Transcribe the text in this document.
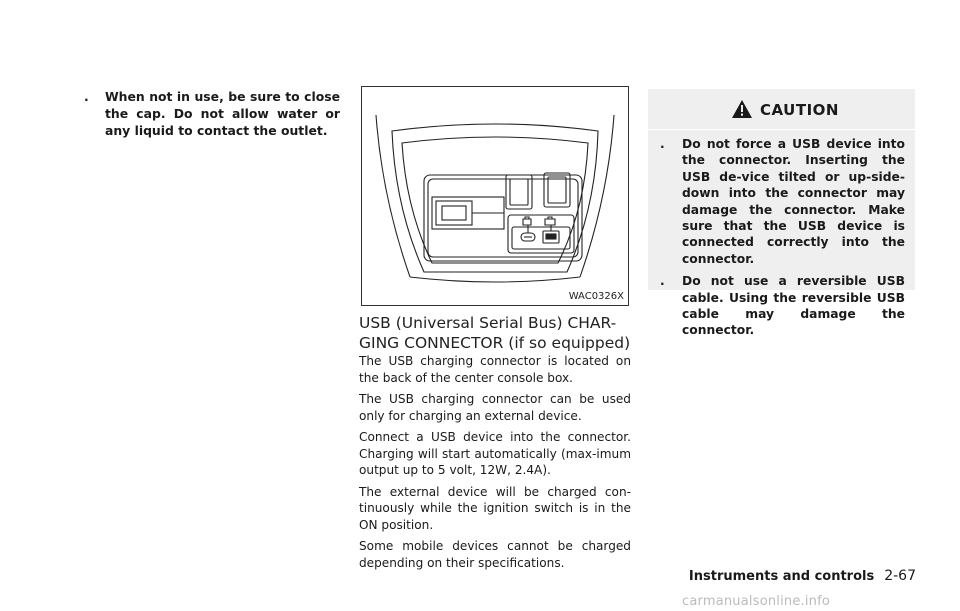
. When not in use, be sure to close the cap. Do not allow water or any liquid to contact the outlet.
WAC0326X
USB (Universal Serial Bus) CHAR-GING CONNECTOR (if so equipped)

The USB charging connector is located on the back of the center console box.

The USB charging connector can be used only for charging an external device.

Connect a USB device into the connector. Charging will start automatically (max-imum output up to 5 volt, 12W, 2.4A).

The external device will be charged con-tinuously while the ignition switch is in the ON position.

Some mobile devices cannot be charged depending on their specifications.

CAUTION
. Do not force a USB device into the connector. Inserting the USB de-vice tilted or up-side-down into the connector may damage the connector. Make sure that the USB device is connected correctly into the connector.
. Do not use a reversible USB cable. Using the reversible USB cable may damage the connector.
Instruments and controls 2-67
carmanualsonline.info
